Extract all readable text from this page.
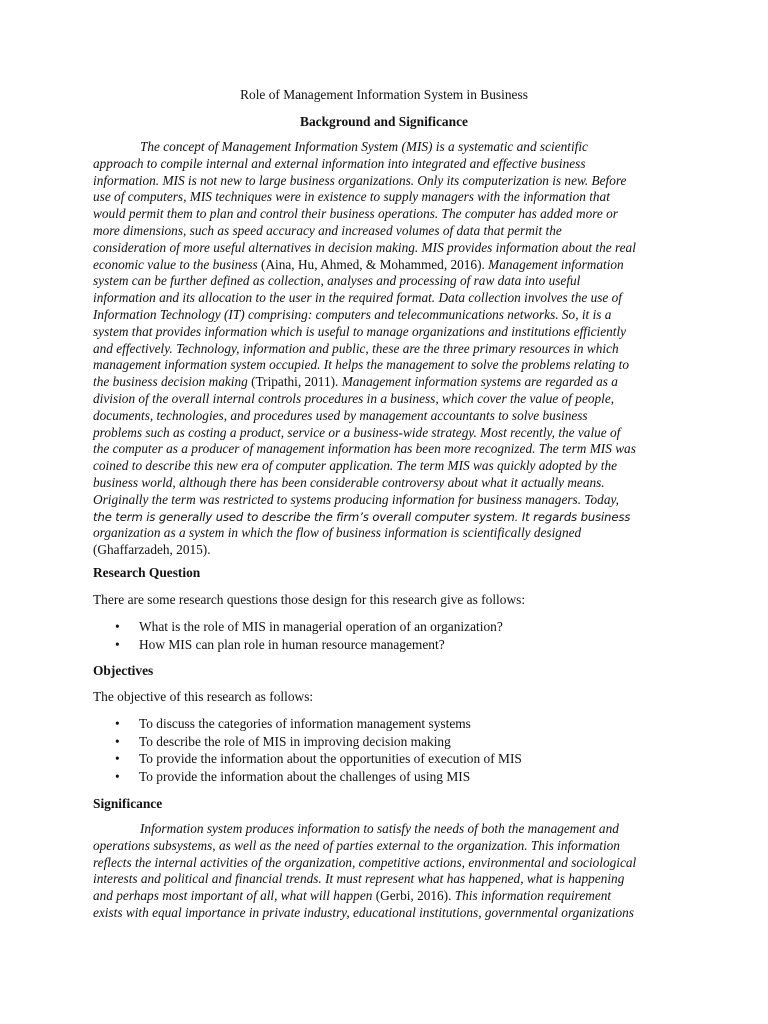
Role of Management Information System in Business
Background and Significance
The concept of Management Information System (MIS) is a systematic and scientific
approach to compile internal and external information into integrated and effective business
information. MIS is not new to large business organizations. Only its computerization is new. Before
use of computers, MIS techniques were in existence to supply managers with the information that
would permit them to plan and control their business operations. The computer has added more or
more dimensions, such as speed accuracy and increased volumes of data that permit the
consideration of more useful alternatives in decision making. MIS provides information about the real
economic value to the business (Aina, Hu, Ahmed, & Mohammed, 2016). Management information
system can be further defined as collection, analyses and processing of raw data into useful
information and its allocation to the user in the required format. Data collection involves the use of
Information Technology (IT) comprising: computers and telecommunications networks. So, it is a
system that provides information which is useful to manage organizations and institutions efficiently
and effectively. Technology, information and public, these are the three primary resources in which
management information system occupied. It helps the management to solve the problems relating to
the business decision making (Tripathi, 2011). Management information systems are regarded as a
division of the overall internal controls procedures in a business, which cover the value of people,
documents, technologies, and procedures used by management accountants to solve business
problems such as costing a product, service or a business-wide strategy. Most recently, the value of
the computer as a producer of management information has been more recognized. The term MIS was
coined to describe this new era of computer application. The term MIS was quickly adopted by the
business world, although there has been considerable controversy about what it actually means.
Originally the term was restricted to systems producing information for business managers. Today,
the term is generally used to describe the firm’s overall computer system. It regards business
organization as a system in which the flow of business information is scientifically designed
(Ghaffarzadeh, 2015).

Research Question

There are some research questions those design for this research give as follows:

• What is the role of MIS in managerial operation of an organization?
• How MIS can plan role in human resource management?

Objectives

The objective of this research as follows:

• To discuss the categories of information management systems
• To describe the role of MIS in improving decision making
• To provide the information about the opportunities of execution of MIS
• To provide the information about the challenges of using MIS

Significance

Information system produces information to satisfy the needs of both the management and
operations subsystems, as well as the need of parties external to the organization. This information
reflects the internal activities of the organization, competitive actions, environmental and sociological
interests and political and financial trends. It must represent what has happened, what is happening
and perhaps most important of all, what will happen (Gerbi, 2016). This information requirement
exists with equal importance in private industry, educational institutions, governmental organizations
